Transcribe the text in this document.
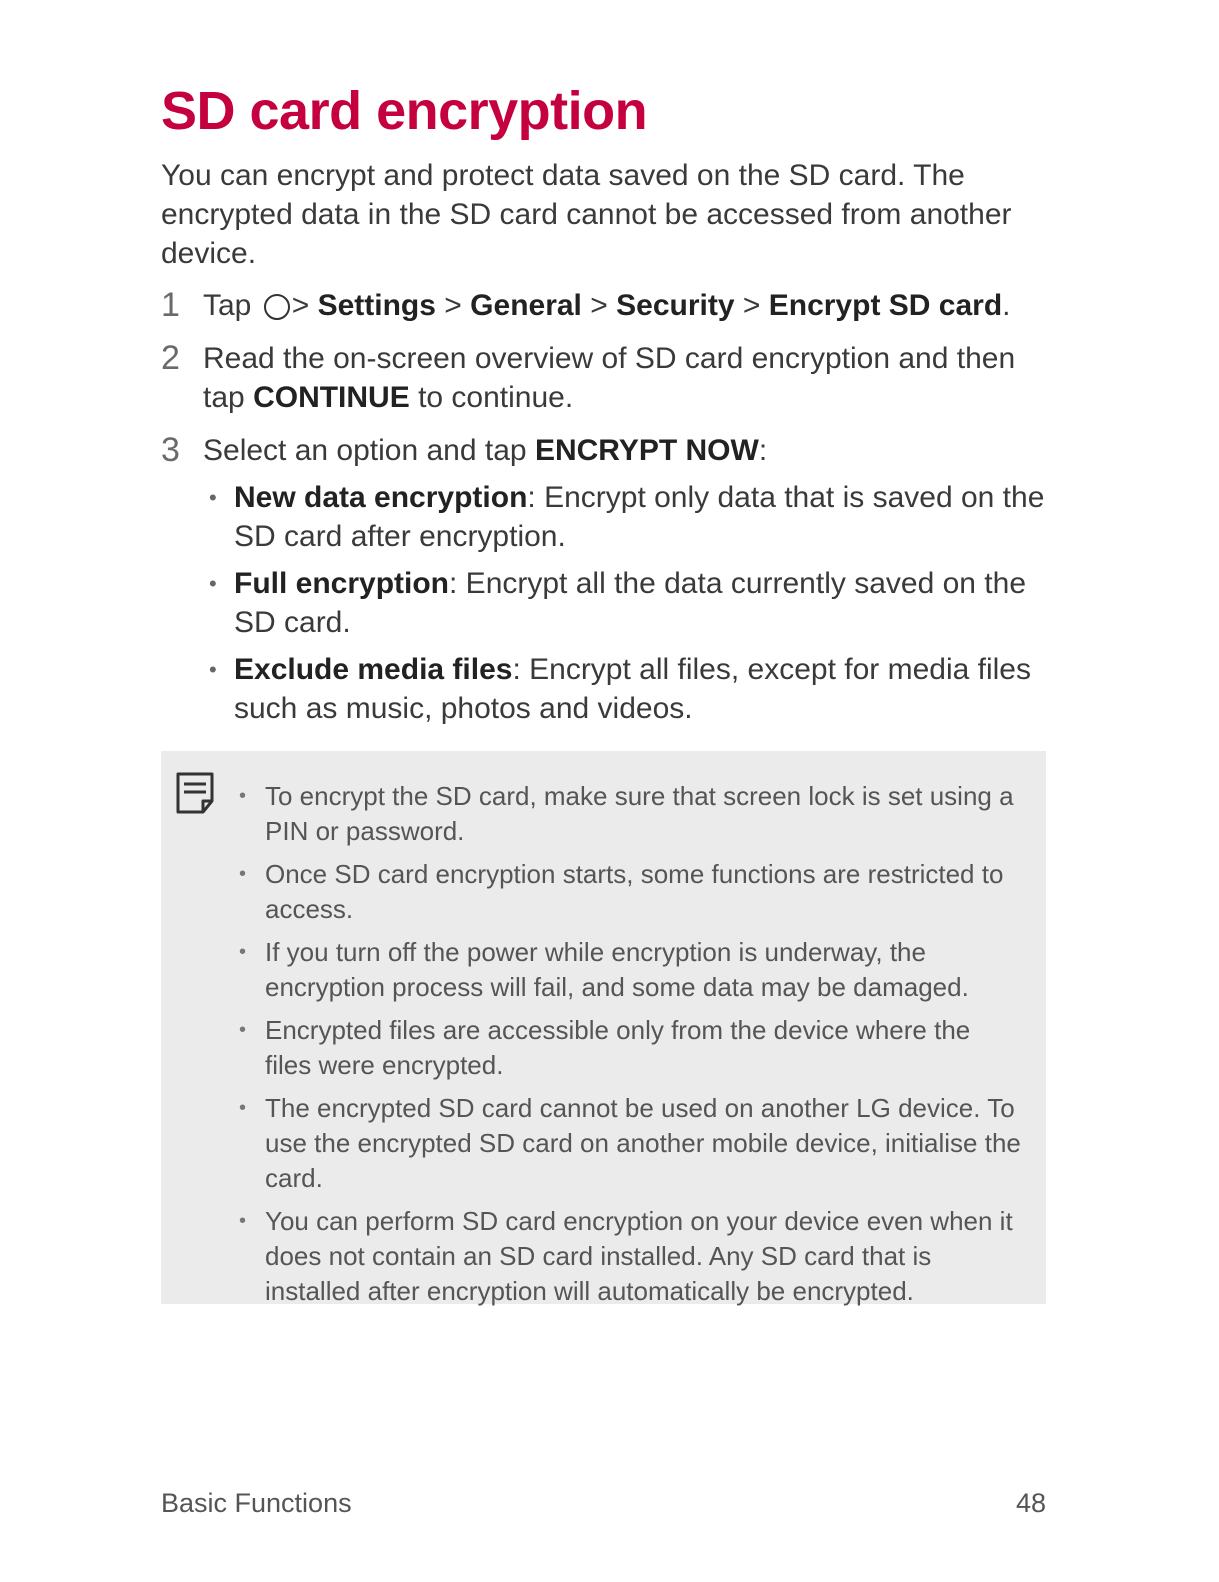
SD card encryption

You can encrypt and protect data saved on the SD card. The encrypted data in the SD card cannot be accessed from another device.

1 Tap > Settings > General > Security > Encrypt SD card.
2 Read the on-screen overview of SD card encryption and then tap CONTINUE to continue.
3 Select an option and tap ENCRYPT NOW:
• New data encryption: Encrypt only data that is saved on the SD card after encryption.
• Full encryption: Encrypt all the data currently saved on the SD card.
• Exclude media files: Encrypt all files, except for media files such as music, photos and videos.
• To encrypt the SD card, make sure that screen lock is set using a PIN or password.
• Once SD card encryption starts, some functions are restricted to access.
• If you turn off the power while encryption is underway, the encryption process will fail, and some data may be damaged.
• Encrypted files are accessible only from the device where the files were encrypted.
• The encrypted SD card cannot be used on another LG device. To use the encrypted SD card on another mobile device, initialise the card.
• You can perform SD card encryption on your device even when it does not contain an SD card installed. Any SD card that is installed after encryption will automatically be encrypted.
Basic Functions	48
